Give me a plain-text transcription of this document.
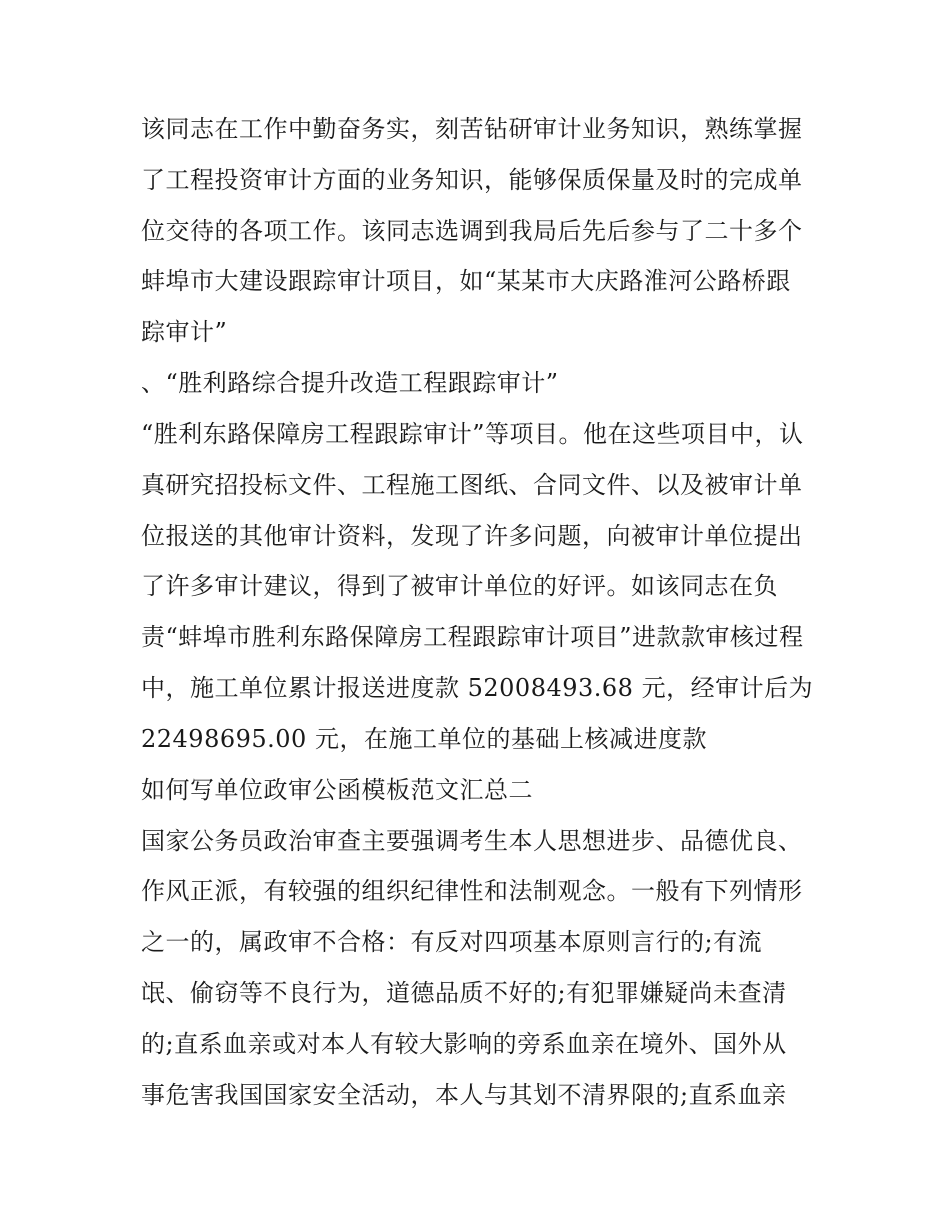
该同志在工作中勤奋务实，刻苦钻研审计业务知识，熟练掌握
了工程投资审计方面的业务知识，能够保质保量及时的完成单
位交待的各项工作。该同志选调到我局后先后参与了二十多个
蚌埠市大建设跟踪审计项目，如“某某市大庆路淮河公路桥跟
踪审计”
、“胜利路综合提升改造工程跟踪审计”
“胜利东路保障房工程跟踪审计”等项目。他在这些项目中，认
真研究招投标文件、工程施工图纸、合同文件、以及被审计单
位报送的其他审计资料，发现了许多问题，向被审计单位提出
了许多审计建议，得到了被审计单位的好评。如该同志在负
责“蚌埠市胜利东路保障房工程跟踪审计项目”进款款审核过程
中，施工单位累计报送进度款 52008493.68 元，经审计后为
22498695.00 元，在施工单位的基础上核减进度款
如何写单位政审公函模板范文汇总二
国家公务员政治审查主要强调考生本人思想进步、品德优良、
作风正派，有较强的组织纪律性和法制观念。一般有下列情形
之一的，属政审不合格：有反对四项基本原则言行的;有流
氓、偷窃等不良行为，道德品质不好的;有犯罪嫌疑尚未查清
的;直系血亲或对本人有较大影响的旁系血亲在境外、国外从
事危害我国国家安全活动，本人与其划不清界限的;直系血亲
